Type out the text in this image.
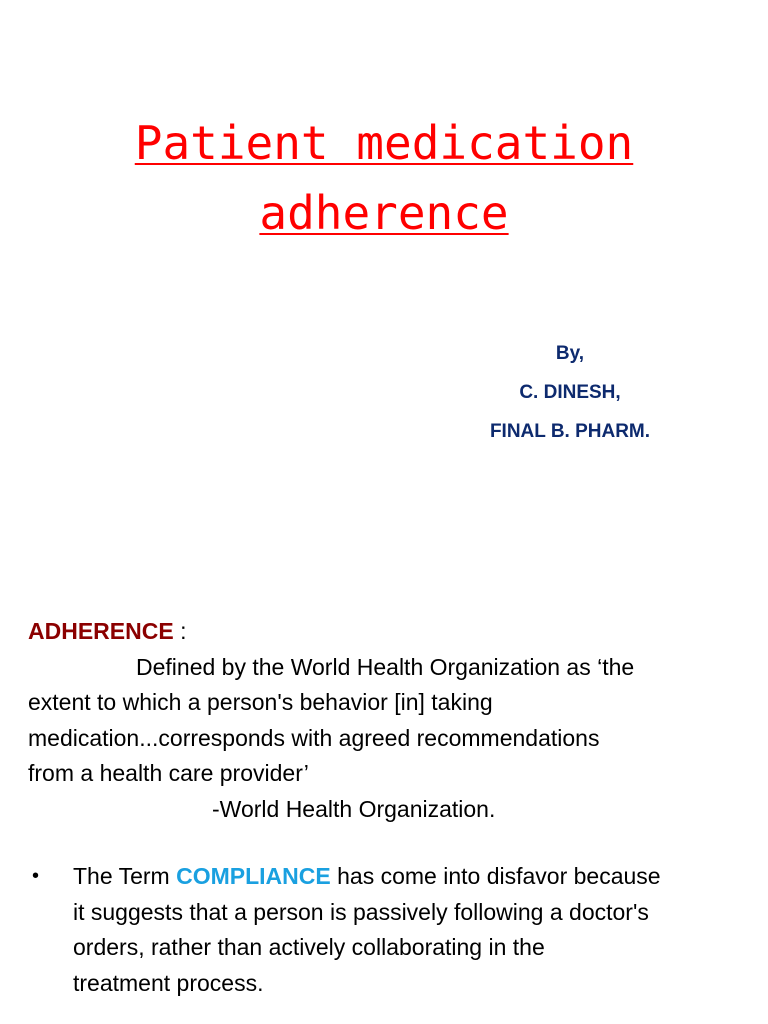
Patient medication
adherence
By,
C. DINESH,
FINAL B. PHARM.
ADHERENCE :
Defined by the World Health Organization as ‘the
extent to which a person's behavior [in] taking
medication...corresponds with agreed recommendations
from a health care provider’
-World Health Organization.
• The Term COMPLIANCE has come into disfavor because
it suggests that a person is passively following a doctor's
orders, rather than actively collaborating in the
treatment process.
